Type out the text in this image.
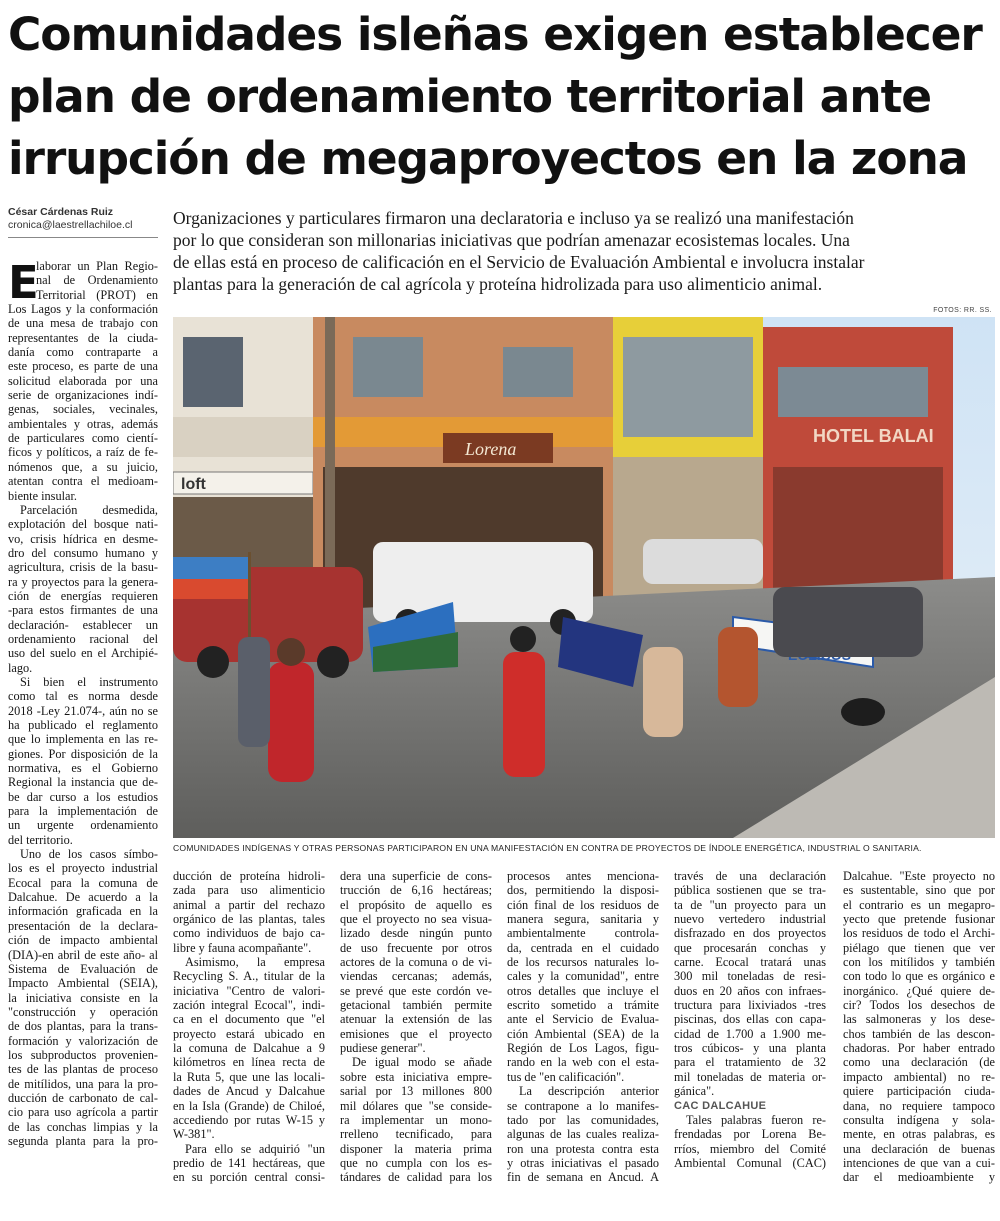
Comunidades isleñas exigen establecer
plan de ordenamiento territorial ante
irrupción de megaproyectos en la zona
César Cárdenas Ruiz
cronica@laestrellachiloe.cl	Organizaciones y particulares firmaron una declaratoria e incluso ya se realizó una manifestación
por lo que consideran son millonarias iniciativas que podrían amenazar ecosistemas locales. Una
de ellas está en proceso de calificación en el Servicio de Evaluación Ambiental e involucra instalar
plantas para la generación de cal agrícola y proteína hidrolizada para uso alimenticio animal.
FOTOS: RR. SS.
loft
Lorena
HOTEL BALAI
COMUNIDADES INDÍGENAS Y OTRAS PERSONAS PARTICIPARON EN UNA MANIFESTACIÓN EN CONTRA DE PROYECTOS DE ÍNDOLE ENERGÉTICA, INDUSTRIAL O SANITARIA.
E
laborar un Plan Regio-
nal de Ordenamiento
Territorial (PROT) en
Los Lagos y la conformación
de una mesa de trabajo con
representantes de la ciuda-
danía como contraparte a
este proceso, es parte de una
solicitud elaborada por una
serie de organizaciones indí-
genas, sociales, vecinales,
ambientales y otras, además
de particulares como cientí-
ficos y políticos, a raíz de fe-
nómenos que, a su juicio,
atentan contra el medioam-
biente insular.
Parcelación desmedida,
explotación del bosque nati-
vo, crisis hídrica en desme-
dro del consumo humano y
agricultura, crisis de la basu-
ra y proyectos para la genera-
ción de energías requieren
-para estos firmantes de una
declaración- establecer un
ordenamiento racional del
uso del suelo en el Archipié-
lago.
Si bien el instrumento
como tal es norma desde
2018 -Ley 21.074-, aún no se
ha publicado el reglamento
que lo implementa en las re-
giones. Por disposición de la
normativa, es el Gobierno
Regional la instancia que de-
be dar curso a los estudios
para la implementación de
un urgente ordenamiento
del territorio.
Uno de los casos símbo-
los es el proyecto industrial
Ecocal para la comuna de
Dalcahue. De acuerdo a la
información graficada en la
presentación de la declara-
ción de impacto ambiental
(DIA)-en abril de este año- al
Sistema de Evaluación de
Impacto Ambiental (SEIA),
la iniciativa consiste en la
"construcción y operación
de dos plantas, para la trans-
formación y valorización de
los subproductos provenien-
tes de las plantas de proceso
de mitílidos, una para la pro-
ducción de carbonato de cal-
cio para uso agrícola a partir
de las conchas limpias y la
segunda planta para la pro-
ducción de proteína hidroli-
zada para uso alimenticio
animal a partir del rechazo
orgánico de las plantas, tales
como individuos de bajo ca-
libre y fauna acompañante".
Asimismo, la empresa
Recycling S. A., titular de la
iniciativa "Centro de valori-
zación integral Ecocal", indi-
ca en el documento que "el
proyecto estará ubicado en
la comuna de Dalcahue a 9
kilómetros en línea recta de
la Ruta 5, que une las locali-
dades de Ancud y Dalcahue
en la Isla (Grande) de Chiloé,
accediendo por rutas W-15 y
W-381".
Para ello se adquirió "un
predio de 141 hectáreas, que
en su porción central consi-
dera una superficie de cons-
trucción de 6,16 hectáreas;
el propósito de aquello es
que el proyecto no sea visua-
lizado desde ningún punto
de uso frecuente por otros
actores de la comuna o de vi-
viendas cercanas; además,
se prevé que este cordón ve-
getacional también permite
atenuar la extensión de las
emisiones que el proyecto
pudiese generar".
De igual modo se añade
sobre esta iniciativa empre-
sarial por 13 millones 800
mil dólares que "se conside-
ra implementar un mono-
rrelleno tecnificado, para
disponer la materia prima
que no cumpla con los es-
tándares de calidad para los
procesos antes menciona-
dos, permitiendo la disposi-
ción final de los residuos de
manera segura, sanitaria y
ambientalmente controla-
da, centrada en el cuidado
de los recursos naturales lo-
cales y la comunidad", entre
otros detalles que incluye el
escrito sometido a trámite
ante el Servicio de Evalua-
ción Ambiental (SEA) de la
Región de Los Lagos, figu-
rando en la web con el esta-
tus de "en calificación".
La descripción anterior
se contrapone a lo manifes-
tado por las comunidades,
algunas de las cuales realiza-
ron una protesta contra esta
y otras iniciativas el pasado
fin de semana en Ancud. A
través de una declaración
pública sostienen que se tra-
ta de "un proyecto para un
nuevo vertedero industrial
disfrazado en dos proyectos
que procesarán conchas y
carne. Ecocal tratará unas
300 mil toneladas de resi-
duos en 20 años con infraes-
tructura para lixiviados -tres
piscinas, dos ellas con capa-
cidad de 1.700 a 1.900 me-
tros cúbicos- y una planta
para el tratamiento de 32
mil toneladas de materia or-
gánica".
CAC DALCAHUE
Tales palabras fueron re-
frendadas por Lorena Be-
rríos, miembro del Comité
Ambiental Comunal (CAC)
Dalcahue. "Este proyecto no
es sustentable, sino que por
el contrario es un megapro-
yecto que pretende fusionar
los residuos de todo el Archi-
piélago que tienen que ver
con los mitílidos y también
con todo lo que es orgánico e
inorgánico. ¿Qué quiere de-
cir? Todos los desechos de
las salmoneras y los dese-
chos también de las descon-
chadoras. Por haber entrado
como una declaración (de
impacto ambiental) no re-
quiere participación ciuda-
dana, no requiere tampoco
consulta indígena y sola-
mente, en otras palabras, es
una declaración de buenas
intenciones de que van a cui-
dar el medioambiente y
